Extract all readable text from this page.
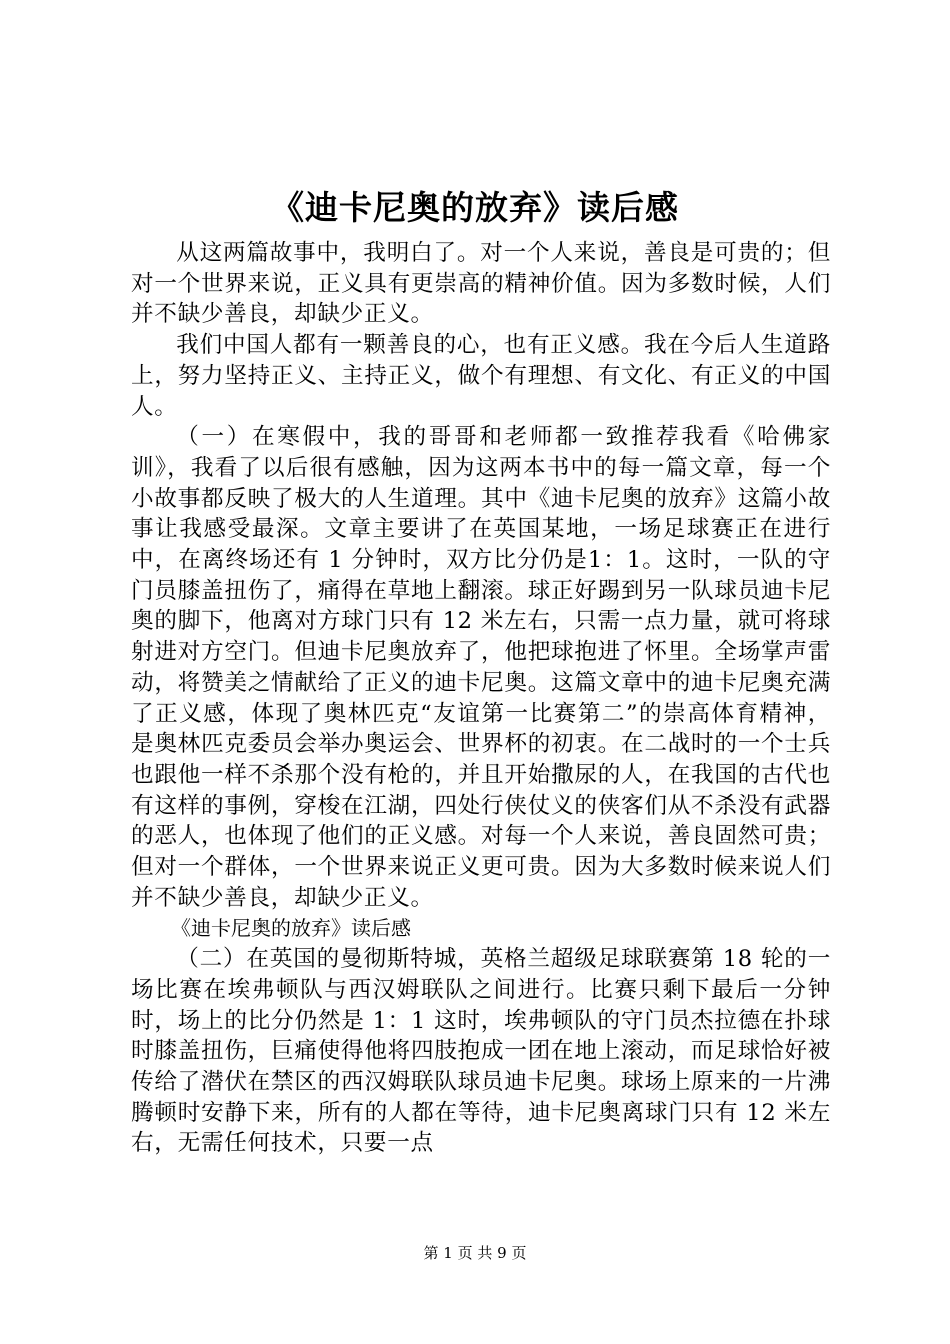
《迪卡尼奥的放弃》读后感

从这两篇故事中，我明白了。对一个人来说，善良是可贵的；但对一个世界来说，正义具有更崇高的精神价值。因为多数时候，人们并不缺少善良，却缺少正义。

我们中国人都有一颗善良的心，也有正义感。我在今后人生道路上，努力坚持正义、主持正义，做个有理想、有文化、有正义的中国人。

（一）在寒假中，我的哥哥和老师都一致推荐我看《哈佛家训》，我看了以后很有感触，因为这两本书中的每一篇文章，每一个小故事都反映了极大的人生道理。其中《迪卡尼奥的放弃》这篇小故事让我感受最深。文章主要讲了在英国某地，一场足球赛正在进行中，在离终场还有 1 分钟时，双方比分仍是1：1。这时，一队的守门员膝盖扭伤了，痛得在草地上翻滚。球正好踢到另一队球员迪卡尼奥的脚下，他离对方球门只有 12 米左右，只需一点力量，就可将球射进对方空门。但迪卡尼奥放弃了，他把球抱进了怀里。全场掌声雷动，将赞美之情献给了正义的迪卡尼奥。这篇文章中的迪卡尼奥充满了正义感，体现了奥林匹克“友谊第一比赛第二”的崇高体育精神，是奥林匹克委员会举办奥运会、世界杯的初衷。在二战时的一个士兵也跟他一样不杀那个没有枪的，并且开始撒尿的人，在我国的古代也有这样的事例，穿梭在江湖，四处行侠仗义的侠客们从不杀没有武器的恶人，也体现了他们的正义感。对每一个人来说，善良固然可贵；但对一个群体，一个世界来说正义更可贵。因为大多数时候来说人们并不缺少善良，却缺少正义。

《迪卡尼奥的放弃》读后感

（二）在英国的曼彻斯特城，英格兰超级足球联赛第 18 轮的一场比赛在埃弗顿队与西汉姆联队之间进行。比赛只剩下最后一分钟时，场上的比分仍然是 1：1 这时，埃弗顿队的守门员杰拉德在扑球时膝盖扭伤，巨痛使得他将四肢抱成一团在地上滚动，而足球恰好被传给了潜伏在禁区的西汉姆联队球员迪卡尼奥。球场上原来的一片沸腾顿时安静下来，所有的人都在等待，迪卡尼奥离球门只有 12 米左右，无需任何技术，只要一点

第 1 页 共 9 页
